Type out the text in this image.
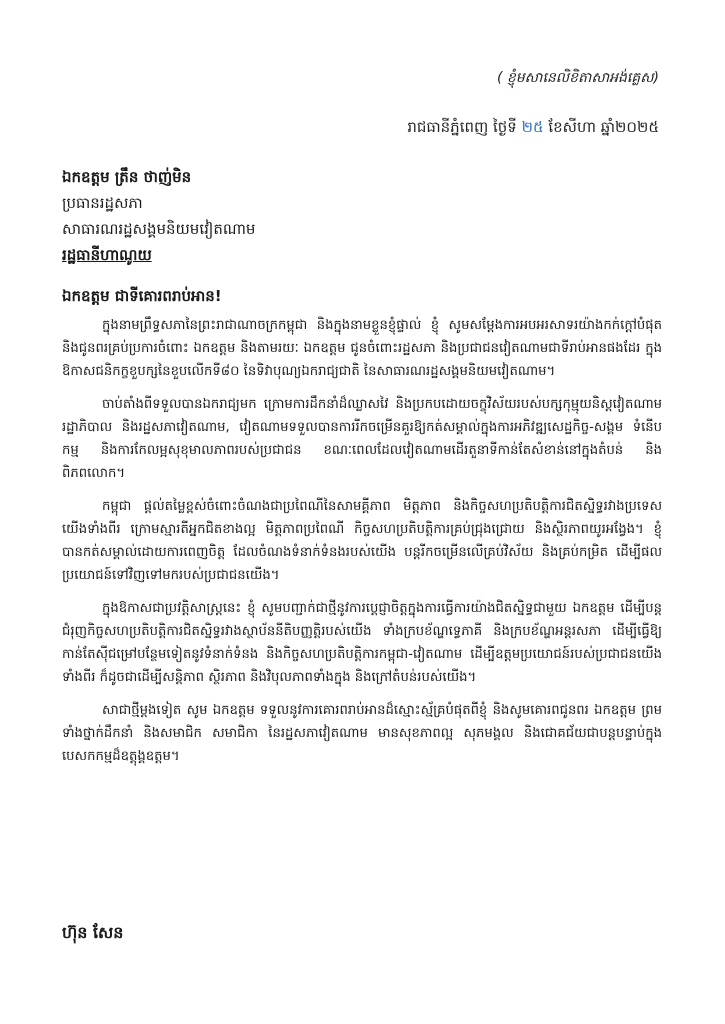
( ខ្ញុំមសានេលិខិតាសាអង់គ្លេស)
រាជធានីភ្នំពេញ ថ្ងៃទី ២៥ ខែសីហា ឆ្នាំ២០២៥
ឯកឧត្តម ត្រឹន ថាញ់មិន
ប្រធានរដ្ឋសភា
សាធារណរដ្ឋសង្គមនិយមវៀតណាម
រដ្ឋធានីហាណូយ
ឯកឧត្តម ជាទីគោរពរាប់អាន!

ក្នុងនាមព្រឹទ្ធសភានៃព្រះរាជាណាចក្រកម្ពុជា និងក្នុងនាមខ្លួនខ្ញុំផ្ទាល់ ខ្ញុំ សូមសម្តែងការអបអរសាទរយ៉ាងកក់ក្តៅបំផុត និងជូនពរគ្រប់ប្រការចំពោះ ឯកឧត្តម និងតាមរយៈ ឯកឧត្តម ជូនចំពោះរដ្ឋសភា និងប្រជាជនវៀតណាមជាទីរាប់អានផងដែរ ក្នុងឱកាសជនិកក្ខខួបក្សនៃខួបលើកទី៨០ នៃទិវាបុណ្យឯករាជ្យជាតិ នៃសាធារណរដ្ឋសង្គមនិយមវៀតណាម។

ចាប់តាំងពីទទួលបានឯករាជ្យមក ក្រោមការដឹកនាំដ៏ឈ្លាសវៃ និងប្រកបដោយចក្ខុវិស័យរបស់បក្សកុម្មុយនិស្តវៀតណាម រដ្ឋាភិបាល និងរដ្ឋសភាវៀតណាម, វៀតណាមទទួលបានការរីកចម្រើនគួរឱ្យកត់សម្គាល់ក្នុងការអភិវឌ្ឍសេដ្ឋកិច្ច-សង្គម ទំនើបកម្ម និងការកែលម្អសុខុមាលភាពរបស់ប្រជាជន ខណៈពេលដែលវៀតណាមដើរតួនាទីកាន់តែសំខាន់នៅក្នុងតំបន់ និងពិភពលោក។

កម្ពុជា ផ្តល់តម្លៃខ្ពស់ចំពោះចំណងជាប្រពៃណីនៃសាមគ្គីភាព មិត្តភាព និងកិច្ចសហប្រតិបត្តិការជិតស្និទ្ធរវាងប្រទេសយើងទាំងពីរ ក្រោមស្មារតីអ្នកជិតខាងល្អ មិត្តភាពប្រពៃណី កិច្ចសហប្រតិបត្តិការគ្រប់ជ្រុងជ្រោយ និងស្ថិរភាពយូរអង្វែង។ ខ្ញុំ បានកត់សម្គាល់ដោយការពេញចិត្ត ដែលចំណងទំនាក់ទំនងរបស់យើង បន្តរីកចម្រើនលើគ្រប់វិស័យ និងគ្រប់កម្រិត ដើម្បីផលប្រយោជន៍ទៅវិញទៅមករបស់ប្រជាជនយើង។

ក្នុងឱកាសជាប្រវត្តិសាស្ត្រនេះ ខ្ញុំ សូមបញ្ជាក់ជាថ្មីនូវការប្តេជ្ញាចិត្តក្នុងការធ្វើការយ៉ាងជិតស្និទ្ធជាមួយ ឯកឧត្តម ដើម្បីបន្តជំរុញកិច្ចសហប្រតិបត្តិការជិតស្និទ្ធរវាងស្ថាប័ននីតិបញ្ញត្តិរបស់យើង ទាំងក្របខ័ណ្ឌទ្វេភាគី និងក្របខ័ណ្ឌអន្តរសភា ដើម្បីធ្វើឱ្យកាន់តែស៊ីជម្រៅបន្ថែមទៀតនូវទំនាក់ទំនង និងកិច្ចសហប្រតិបត្តិការកម្ពុជា-វៀតណាម ដើម្បីឧត្តមប្រយោជន៍របស់ប្រជាជនយើងទាំងពីរ ក៏ដូចជាដើម្បីសន្តិភាព ស្ថិរភាព និងវិបុលភាពទាំងក្នុង និងក្រៅតំបន់របស់យើង។

សាជាថ្មីម្តងទៀត សូម ឯកឧត្តម ទទួលនូវការគោរពរាប់អានដ៏ស្មោះស្ម័គ្របំផុតពីខ្ញុំ និងសូមគោរពជូនពរ ឯកឧត្តម ព្រមទាំងថ្នាក់ដឹកនាំ និងសមាជិក សមាជិកា នៃរដ្ឋសភាវៀតណាម មានសុខភាពល្អ សុភមង្គល និងជោគជ័យជាបន្តបន្ទាប់ក្នុងបេសកកម្មដ៏ឧត្តុង្គឧត្តម។

ហ៊ុន សែន
